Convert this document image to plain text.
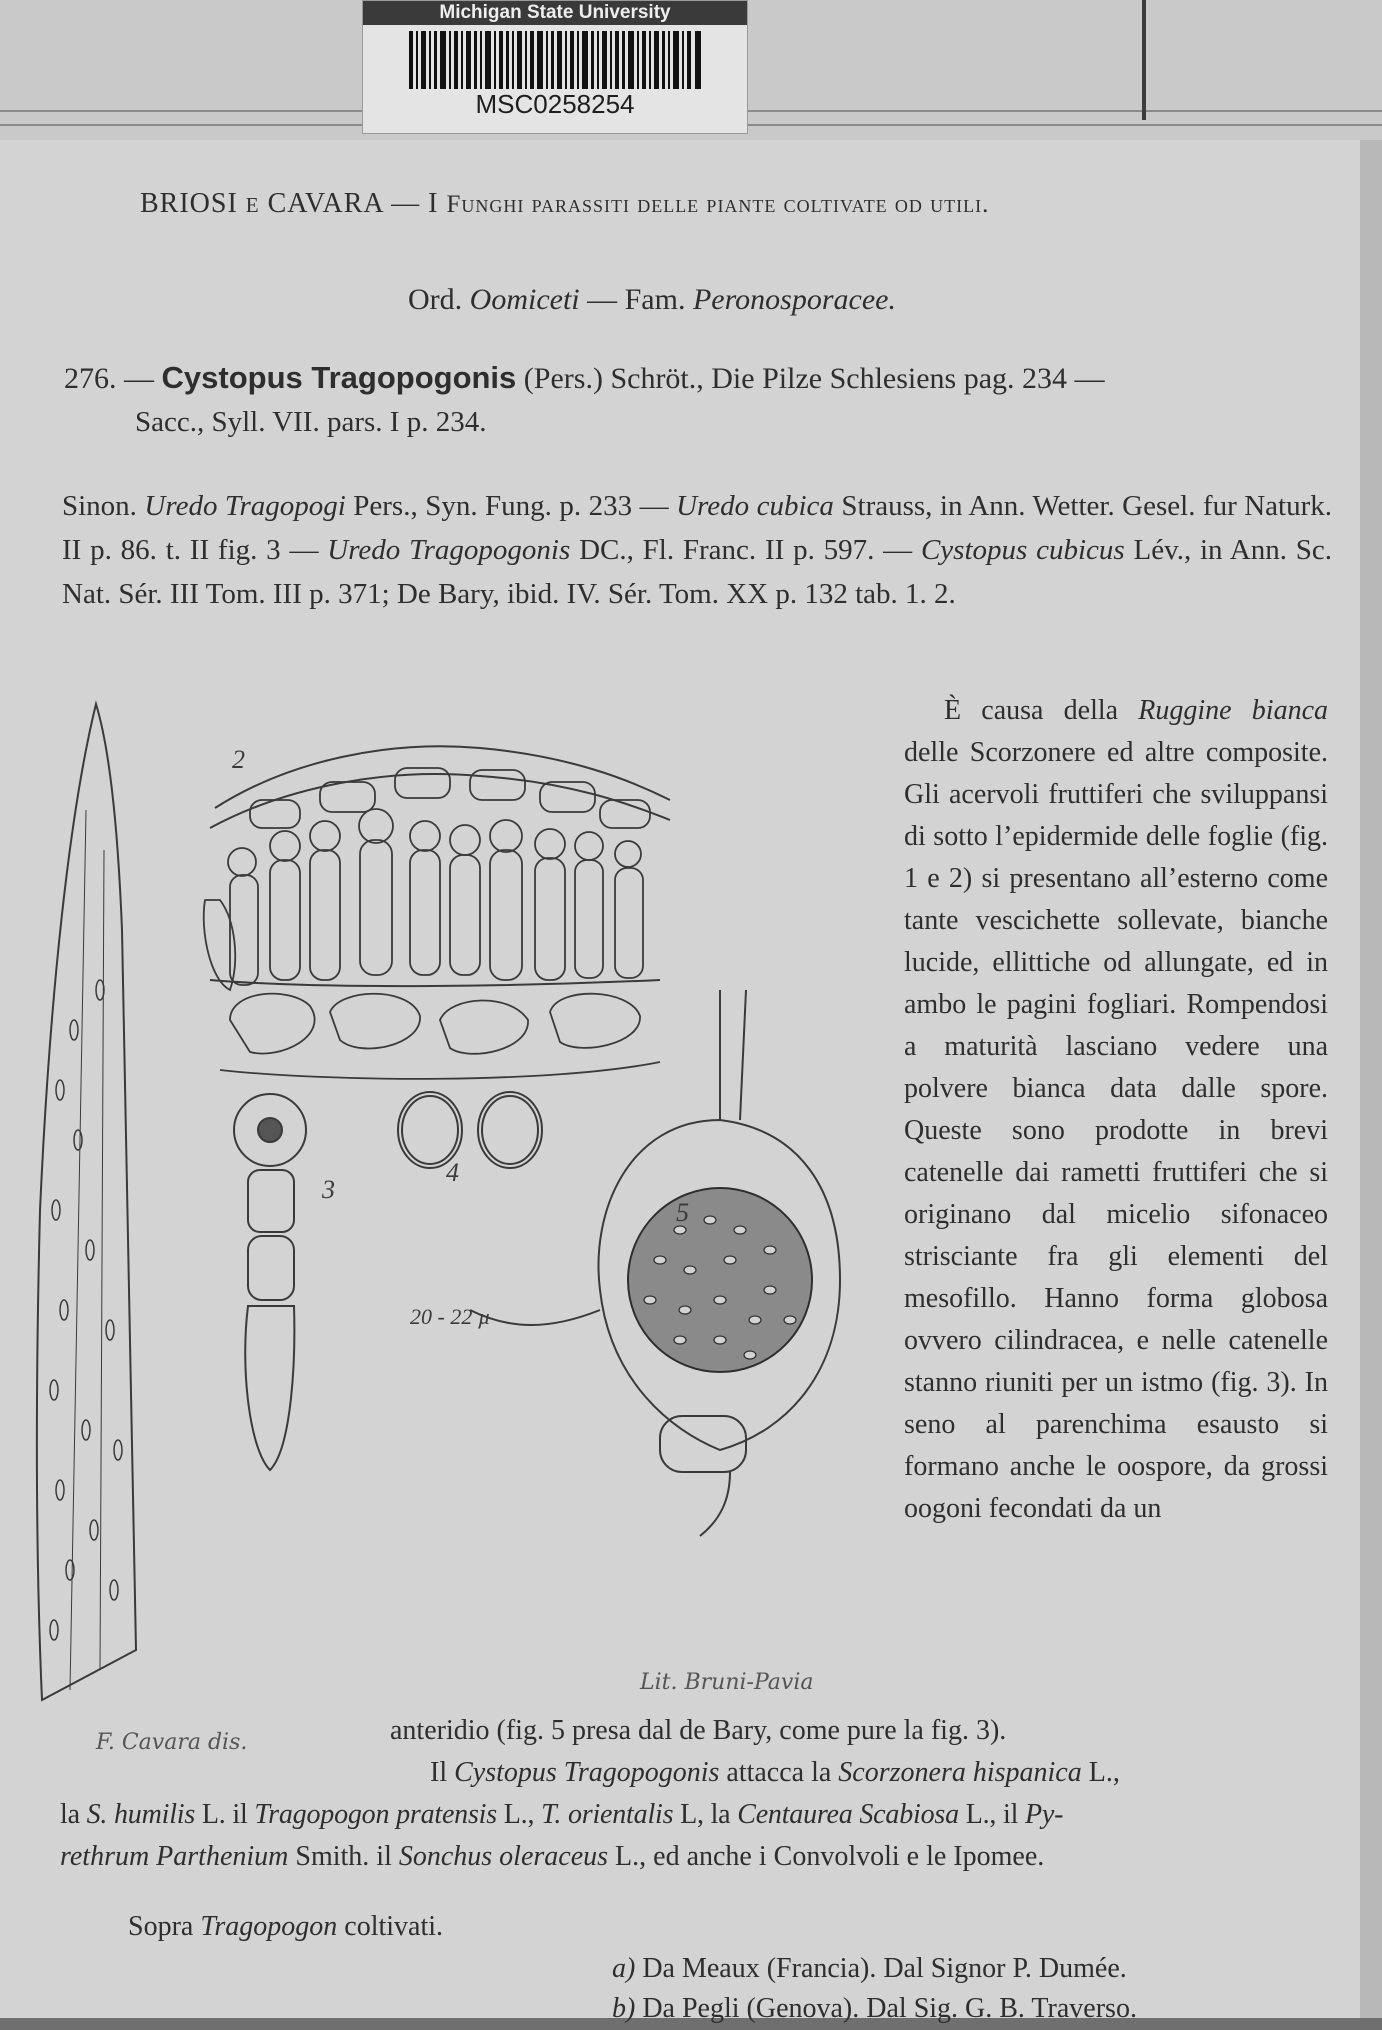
Michigan State University
MSC0258254
BRIOSI E CAVARA — I Funghi parassiti delle piante coltivate od utili.
Ord. Oomiceti — Fam. Peronosporacee.
276. — Cystopus Tragopogonis (Pers.) Schröt., Die Pilze Schlesiens pag. 234 —
Sacc., Syll. VII. pars. I p. 234.
Sinon. Uredo Tragopogi Pers., Syn. Fung. p. 233 — Uredo cubica Strauss, in Ann. Wetter. Gesel. fur Naturk. II p. 86. t. II fig. 3 — Uredo Tragopogonis DC., Fl. Franc. II p. 597. — Cystopus cubicus Lév., in Ann. Sc. Nat. Sér. III Tom. III p. 371; De Bary, ibid. IV. Sér. Tom. XX p. 132 tab. 1. 2.
2
3
4
5
20 - 22 µ
F. Cavara dis.
Lit. Bruni-Pavia
È causa della Ruggine bianca delle Scorzonere ed altre composite. Gli acervoli fruttiferi che sviluppansi di sotto l’epidermide delle foglie (fig. 1 e 2) si presentano all’esterno come tante vescichette sollevate, bianche lucide, ellittiche od allungate, ed in ambo le pagini fogliari. Rompendosi a maturità lasciano vedere una polvere bianca data dalle spore. Queste sono prodotte in brevi catenelle dai rametti fruttiferi che si originano dal micelio sifonaceo strisciante fra gli elementi del mesofillo. Hanno forma globosa ovvero cilindracea, e nelle catenelle stanno riuniti per un istmo (fig. 3). In seno al parenchima esausto si formano anche le oospore, da grossi oogoni fecondati da un
anteridio (fig. 5 presa dal de Bary, come pure la fig. 3).
Il Cystopus Tragopogonis attacca la Scorzonera hispanica L.,
la S. humilis L. il Tragopogon pratensis L., T. orientalis L, la Centaurea Scabiosa L., il Py-
rethrum Parthenium Smith. il Sonchus oleraceus L., ed anche i Convolvoli e le Ipomee.
Sopra Tragopogon coltivati.
a) Da Meaux (Francia). Dal Signor P. Dumée.
b) Da Pegli (Genova). Dal Sig. G. B. Traverso.
